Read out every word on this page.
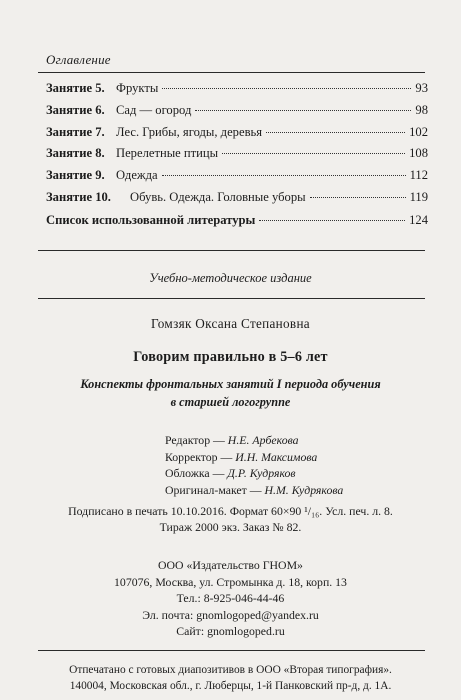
Оглавление
Занятие 5. Фрукты	93
Занятие 6. Сад — огород	98
Занятие 7. Лес. Грибы, ягоды, деревья	102
Занятие 8. Перелетные птицы	108
Занятие 9. Одежда	112
Занятие 10.	Обувь. Одежда. Головные уборы	119
Список использованной литературы	124
Учебно-методическое издание
Гомзяк Оксана Степановна
Говорим правильно в 5–6 лет
Конспекты фронтальных занятий I периода обучения
в старшей логогруппе
Редактор — Н.Е. Арбекова
Корректор — И.Н. Максимова
Обложка — Д.Р. Кудряков
Оригинал-макет — Н.М. Кудрякова
Подписано в печать 10.10.2016. Формат 60×90 ¹/₁₆. Усл. печ. л. 8.
Тираж 2000 экз. Заказ № 82.
ООО «Издательство ГНОМ»
107076, Москва, ул. Стромынка д. 18, корп. 13
Тел.: 8-925-046-44-46
Эл. почта: gnomlogoped@yandex.ru
Сайт: gnomlogoped.ru
Отпечатано с готовых диапозитивов в ООО «Вторая типография».
140004, Московская обл., г. Люберцы, 1-й Панковский пр-д, д. 1А.
